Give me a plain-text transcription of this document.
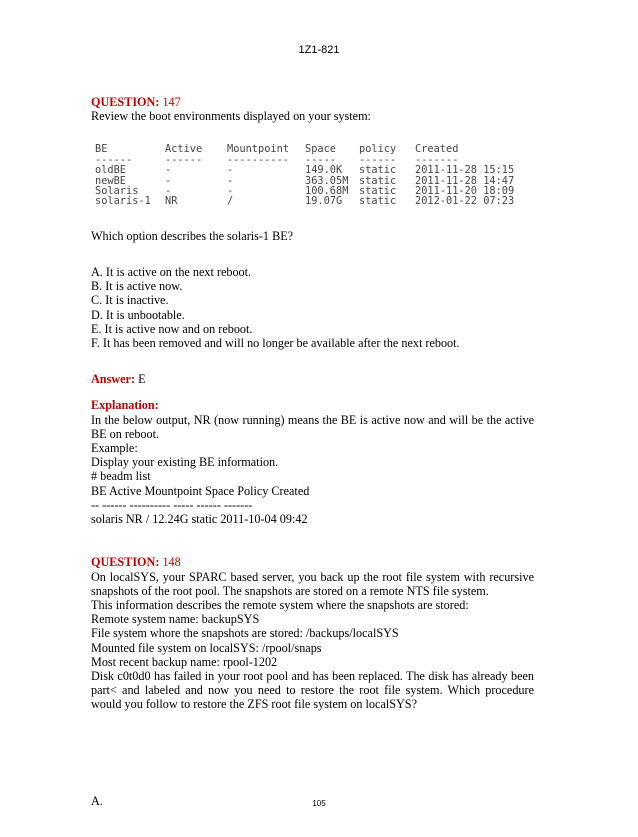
1Z1-821

QUESTION: 147

Review the boot environments displayed on your system:

BE	Active	Mountpoint	Space	policy	Created
------	------	----------	-----	------	-------
oldBE	-	-	149.0K	static	2011-11-28 15:15
newBE	-	-	363.05M	static	2011-11-28 14:47
Solaris	-	-	100.68M	static	2011-11-20 18:09
solaris-1	NR	/	19.07G	static	2012-01-22 07:23

Which option describes the solaris-1 BE?

A. It is active on the next reboot.

B. It is active now.

C. It is inactive.

D. It is unbootable.

E. It is active now and on reboot.

F. It has been removed and will no longer be available after the next reboot.

Answer: E

Explanation:

In the below output, NR (now running) means the BE is active now and will be the active BE on reboot.

Example:

Display your existing BE information.

# beadm list

BE Active Mountpoint Space Policy Created

-- ------ ---------- ----- ------ -------

solaris NR / 12.24G static 2011-10-04 09:42

QUESTION: 148

On localSYS, your SPARC based server, you back up the root file system with recursive snapshots of the root pool. The snapshots are stored on a remote NTS file system.

This information describes the remote system where the snapshots are stored:

Remote system name: backupSYS

File system whore the snapshots are stored: /backups/localSYS

Mounted file system on localSYS: /rpool/snaps

Most recent backup name: rpool-1202

Disk c0t0d0 has failed in your root pool and has been replaced. The disk has already been part< and labeled and now you need to restore the root file system. Which procedure would you follow to restore the ZFS root file system on localSYS?

A.	105
